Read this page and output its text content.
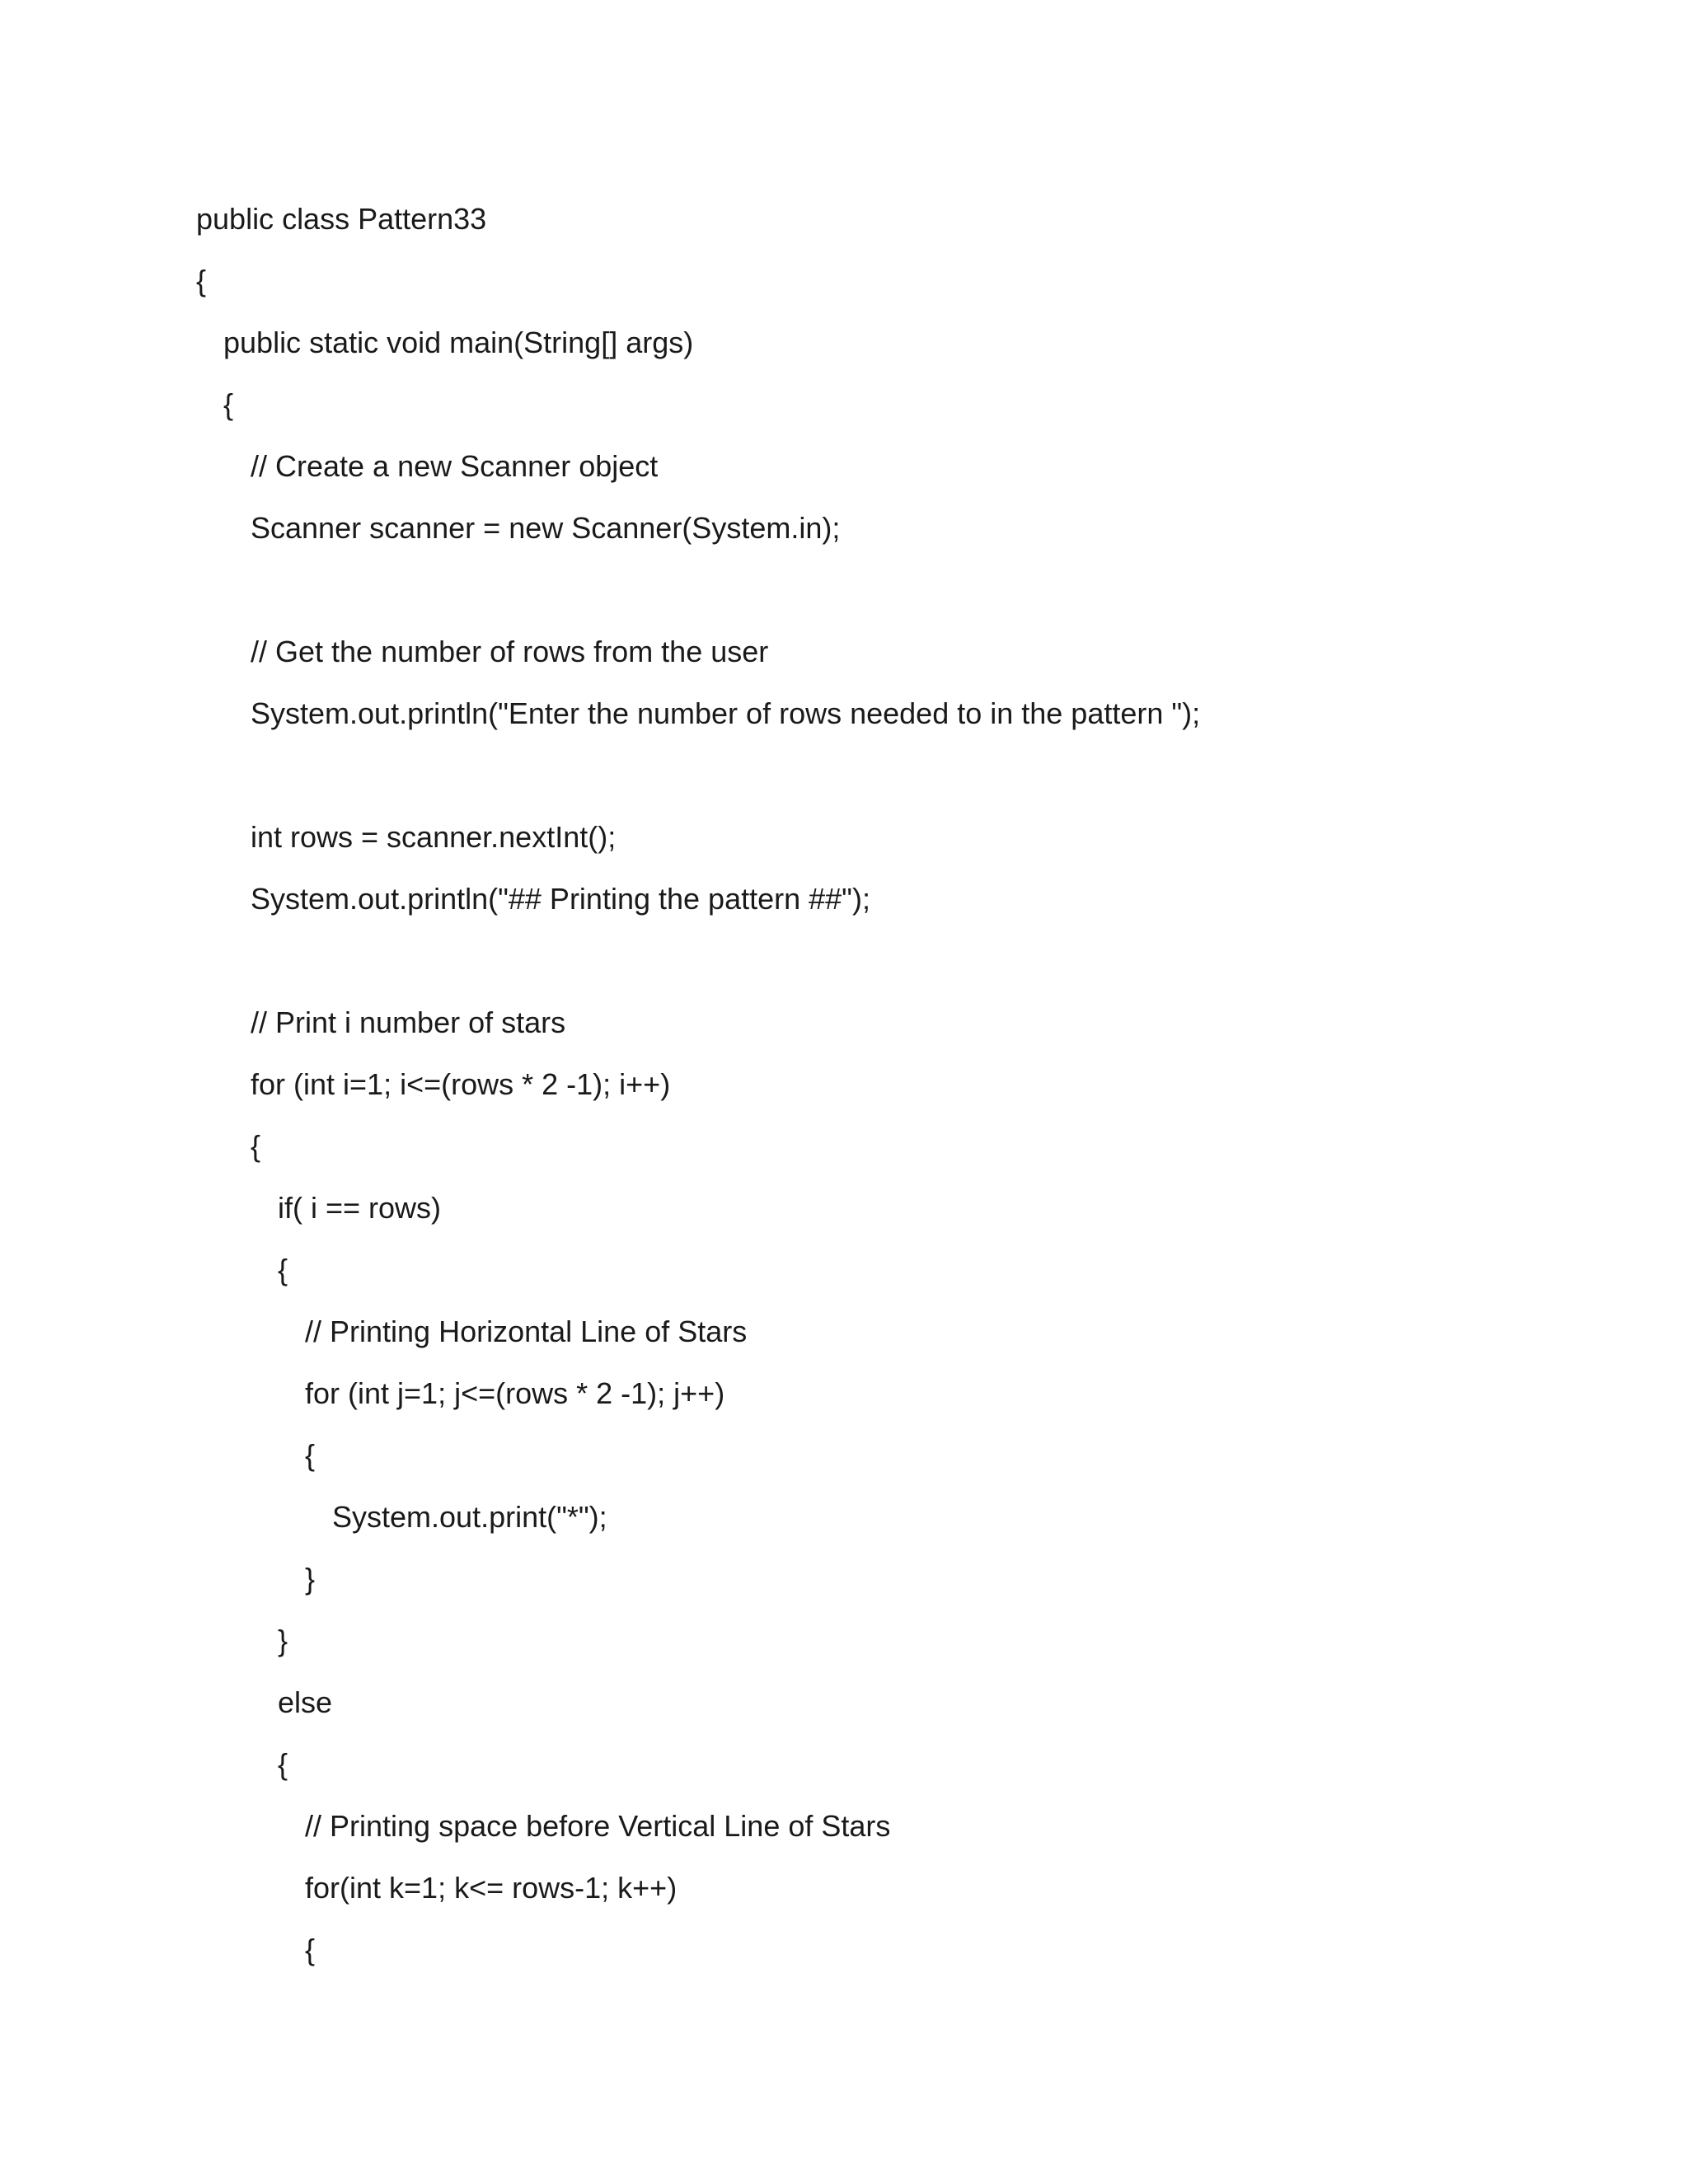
public class Pattern33
{
public static void main(String[] args)
{
// Create a new Scanner object
Scanner scanner = new Scanner(System.in);
// Get the number of rows from the user
System.out.println("Enter the number of rows needed to in the pattern ");
int rows = scanner.nextInt();
System.out.println("## Printing the pattern ##");
// Print i number of stars
for (int i=1; i<=(rows * 2 -1); i++)
{
if( i == rows)
{
// Printing Horizontal Line of Stars
for (int j=1; j<=(rows * 2 -1); j++)
{
System.out.print("*");
}
}
else
{
// Printing space before Vertical Line of Stars
for(int k=1; k<= rows-1; k++)
{
